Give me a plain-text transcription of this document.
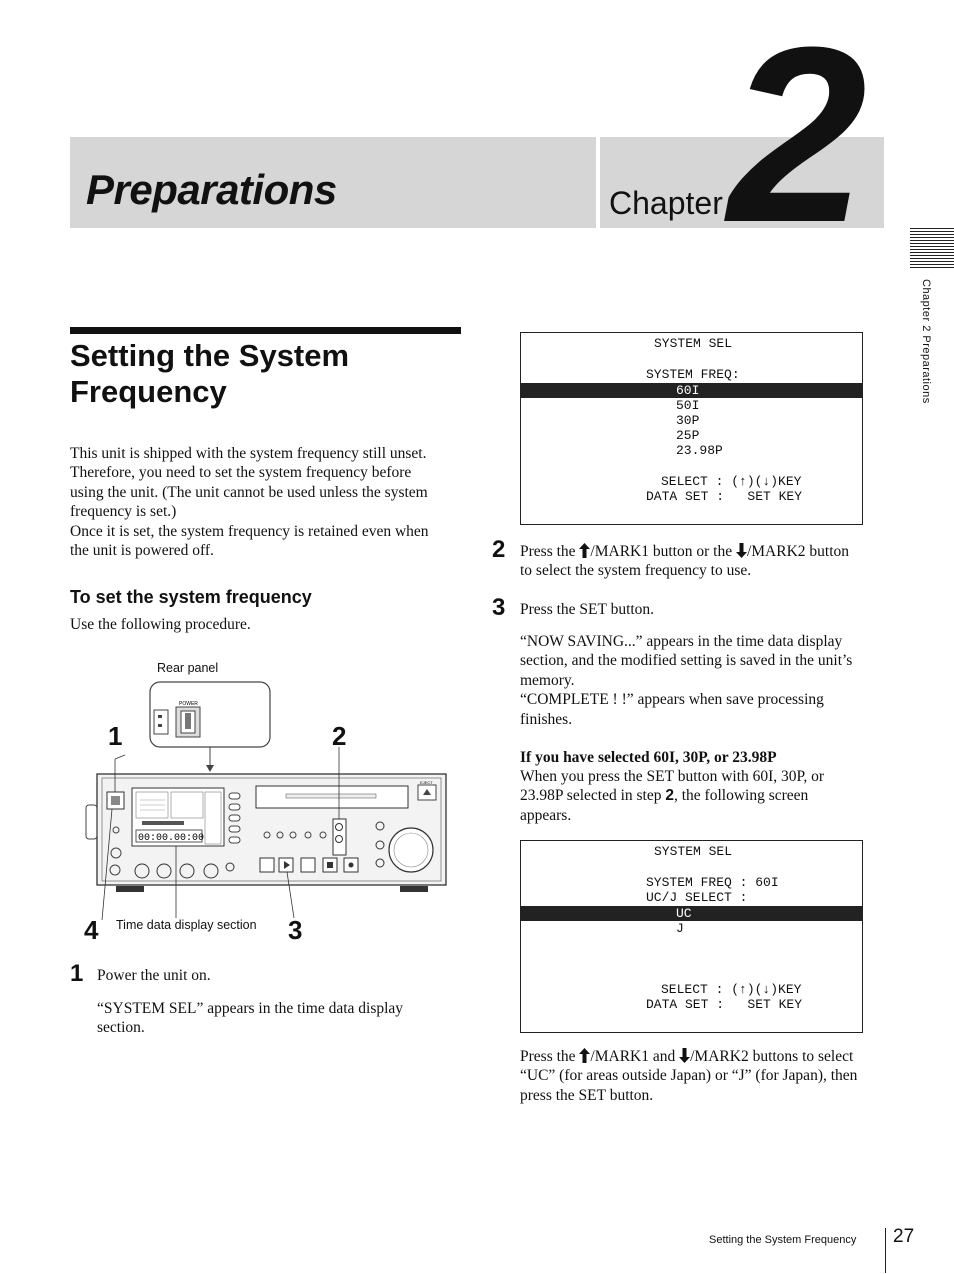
Preparations	Chapter 2
Chapter 2 Preparations
Setting the System Frequency
This unit is shipped with the system frequency still unset.
Therefore, you need to set the system frequency before
using the unit. (The unit cannot be used unless the system
frequency is set.)
Once it is set, the system frequency is retained even when
the unit is powered off.
To set the system frequency
Use the following procedure.
Rear panel
Time data display section
1	2
3
4
POWER
00:00.00:00
EJECT
1 Power the unit on.
“SYSTEM SEL” appears in the time data display
section.
SYSTEM SEL
SYSTEM FREQ:
60I
50I
30P
25P
23.98P
SELECT : (↑)(↓)KEY
DATA SET :   SET KEY
2 Press the /MARK1 button or the /MARK2 button
to select the system frequency to use.
3 Press the SET button.
“NOW SAVING...” appears in the time data display
section, and the modified setting is saved in the unit’s
memory.
“COMPLETE ! !” appears when save processing
finishes.
If you have selected 60I, 30P, or 23.98P
When you press the SET button with 60I, 30P, or
23.98P selected in step 2, the following screen
appears.
SYSTEM SEL
SYSTEM FREQ : 60I
UC/J SELECT :
UC
J
SELECT : (↑)(↓)KEY
DATA SET :   SET KEY
Press the /MARK1 and /MARK2 buttons to select
“UC” (for areas outside Japan) or “J” (for Japan), then
press the SET button.
Setting the System Frequency 27
